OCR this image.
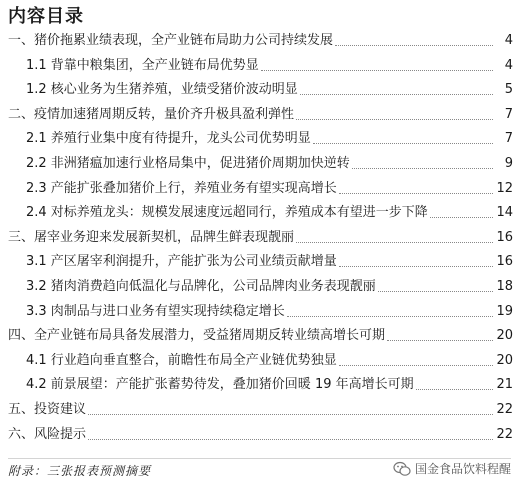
内容目录
一、猪价拖累业绩表现，全产业链布局助力公司持续发展	4
1.1 背靠中粮集团，全产业链布局优势显	4
1.2 核心业务为生猪养殖，业绩受猪价波动明显	5
二、疫情加速猪周期反转，量价齐升极具盈利弹性	7
2.1 养殖行业集中度有待提升，龙头公司优势明显	7
2.2 非洲猪瘟加速行业格局集中，促进猪价周期加快逆转	9
2.3 产能扩张叠加猪价上行，养殖业务有望实现高增长	12
2.4 对标养殖龙头：规模发展速度远超同行，养殖成本有望进一步下降	14
三、屠宰业务迎来发展新契机，品牌生鲜表现靓丽	16
3.1 产区屠宰利润提升，产能扩张为公司业绩贡献增量	16
3.2 猪肉消费趋向低温化与品牌化，公司品牌肉业务表现靓丽	18
3.3 肉制品与进口业务有望实现持续稳定增长	19
四、全产业链布局具备发展潜力，受益猪周期反转业绩高增长可期	20
4.1 行业趋向垂直整合，前瞻性布局全产业链优势独显	20
4.2 前景展望：产能扩张蓄势待发，叠加猪价回暖 19 年高增长可期	21
五、投资建议	22
六、风险提示	22
附录：三张报表预测摘要	国金食品饮料程醒
